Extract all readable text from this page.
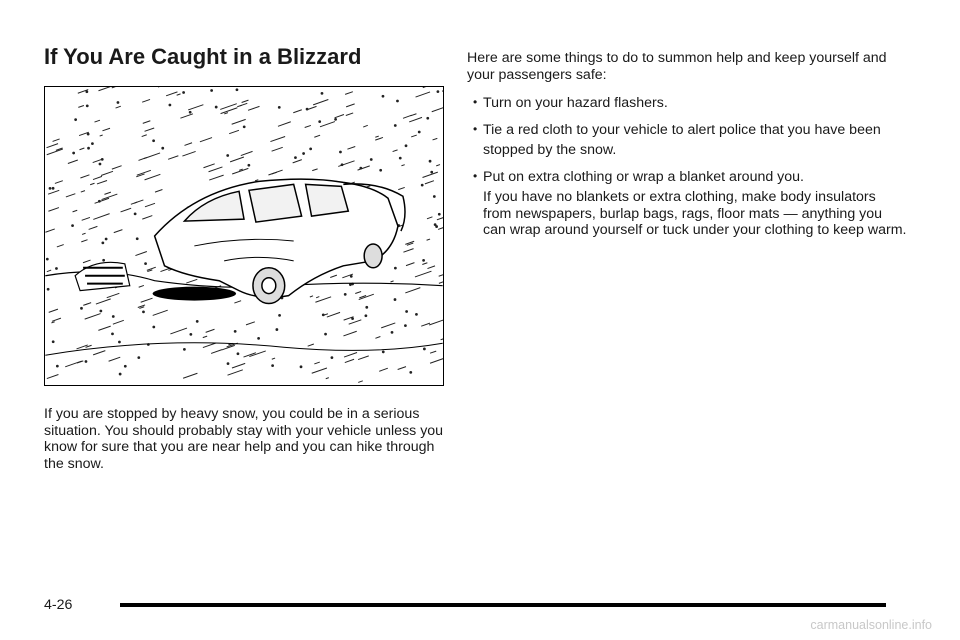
If You Are Caught in a Blizzard

If you are stopped by heavy snow, you could be in a serious situation. You should probably stay with your vehicle unless you know for sure that you are near help and you can hike through the snow.

Here are some things to do to summon help and keep yourself and your passengers safe:

• Turn on your hazard flashers.
• Tie a red cloth to your vehicle to alert police that you have been stopped by the snow.
• Put on extra clothing or wrap a blanket around you.

If you have no blankets or extra clothing, make body insulators from newspapers, burlap bags, rags, floor mats — anything you can wrap around yourself or tuck under your clothing to keep warm.

4-26
carmanualsonline.info
